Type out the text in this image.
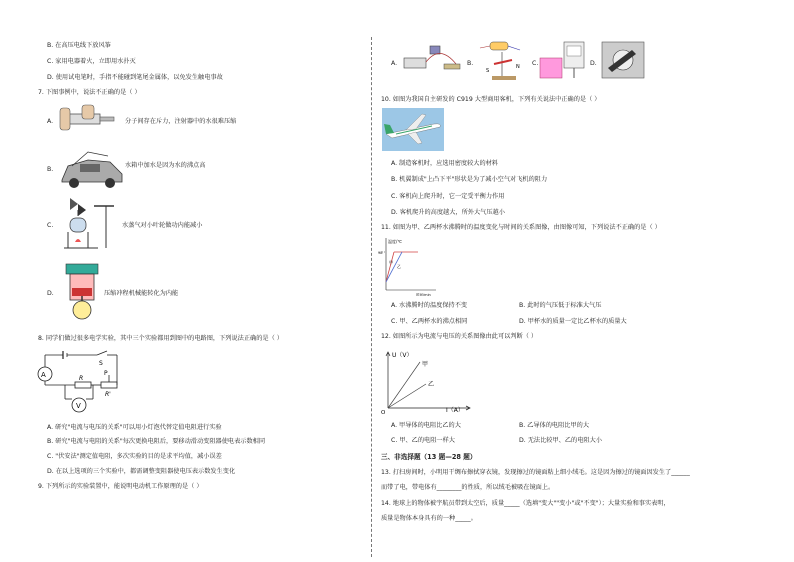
B. 在高压电线下放风筝
C. 家用电器着火，立即用水扑灭
D. 使用试电笔时，手指不能碰到笔尾金属体，以免发生触电事故
7. 下图事例中，说法不正确的是（ ）
A.	分子间存在斥力，注射器中的水很难压缩
B.
水箱中加水是因为水的沸点高
C.	水蒸气对小叶轮做功内能减小
D.	压缩冲程机械能转化为内能
8. 同学们做过很多电学实验，其中三个实验都用到图中的电路图，下列说法正确的是（ ）
A
V
R
S
P
R'
A. 研究"电流与电压的关系"可以用小灯泡代替定值电阻进行实验
B. 研究"电流与电阻的关系"每次更换电阻后，要移动滑动变阻器使电表示数相同
C. "伏安法"测定值电阻，多次实验的目的是求平均值，减小误差
D. 在以上选项的三个实验中，都需调整变阻器使电压表示数发生变化
9. 下列所示的实验装置中，能说明电动机工作原理的是（ ）
A.	B.
S
N C.	D.
10. 如图为我国自主研发的 C919 大型商用客机，下列有关说法中正确的是（ ）
A. 制造客机时，应选用密度较大的材料
B. 机翼制成"上凸下平"形状是为了减小空气对飞机的阻力
C. 客机向上爬升时，它一定受平衡力作用
D. 客机爬升的高度越大，所外大气压越小
11. 如图为甲、乙两杯水沸腾时的温度变化与时间的关系图像，由图像可知，下列说法不正确的是（ ）
温度/℃
时间/min
甲
乙
98
A. 水沸腾时的温度保持不变	B. 此时的气压低于标准大气压
C. 甲、乙两杯水的沸点相同	D. 甲杯水的质量一定比乙杯水的质量大
12. 如图所示为电流与电压的关系图像由此可以判断（ ）
U（V）
I（A）
O
甲
乙
A. 甲导体的电阻比乙的大	B. 乙导体的电阻比甲的大
C. 甲、乙的电阻一样大	D. 无法比较甲、乙的电阻大小
三、非选择题（13 题—28 题）
13. 打扫房间时，小明用干绸布擦拭穿衣镜，发现擦过的镜面粘上细小绒毛。这是因为擦过的镜面因发生了______
而带了电，带电体有________的性质，所以绒毛被吸在镜面上。
14. 地球上的物体被宇航员带到太空后，质量_____（选填"变大""变小"或"不变"）；大量实验和事实表明，
质量是物体本身具有的一种_____。
